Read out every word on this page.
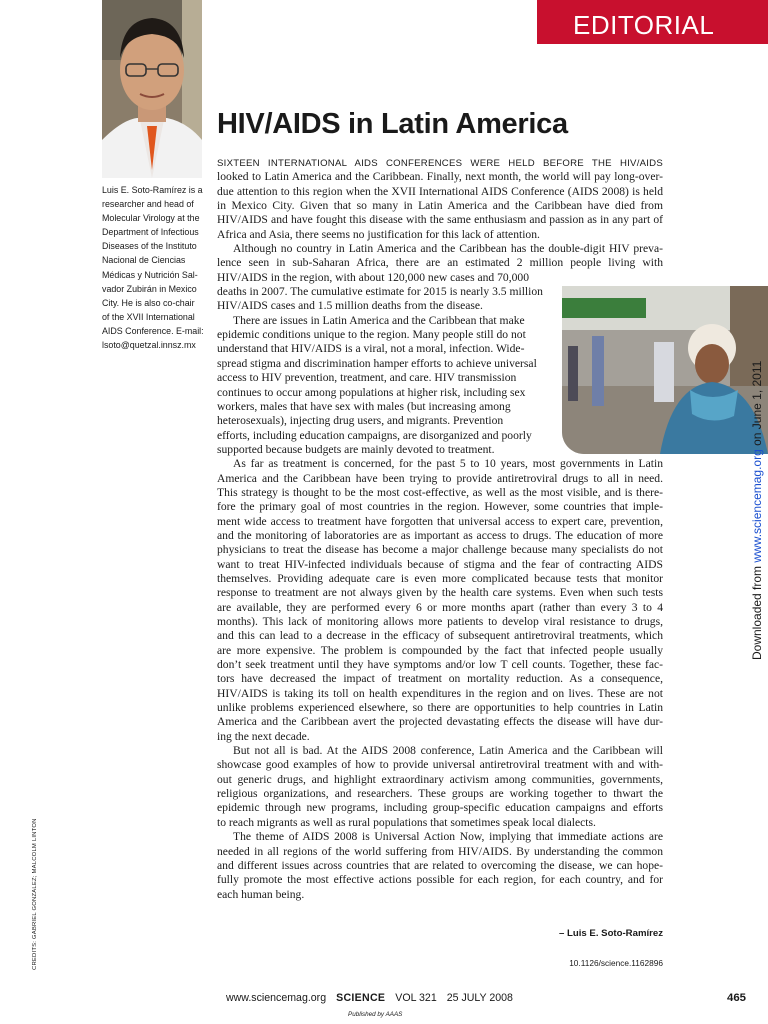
EDITORIAL
Luis E. Soto-Ramírez is a
researcher and head of
Molecular Virology at the
Department of Infectious
Diseases of the Instituto
Nacional de Ciencias
Médicas y Nutrición Sal-
vador Zubirán in Mexico
City. He is also co-chair
of the XVII International
AIDS Conference. E-mail:
lsoto@quetzal.innsz.mx
HIV/AIDS in Latin America
SIXTEEN INTERNATIONAL AIDS CONFERENCES WERE HELD BEFORE THE HIV/AIDS
looked to Latin America and the Caribbean. Finally, next month, the world will pay long-over-
due attention to this region when the XVII International AIDS Conference (AIDS 2008) is held
in Mexico City. Given that so many in Latin America and the Caribbean have died from
HIV/AIDS and have fought this disease with the same enthusiasm and passion as in any part of
Africa and Asia, there seems no justification for this lack of attention.
Although no country in Latin America and the Caribbean has the double-digit HIV preva-
lence seen in sub-Saharan Africa, there are an estimated 2 million people living with
HIV/AIDS in the region, with about 120,000 new cases and 70,000
deaths in 2007. The cumulative estimate for 2015 is nearly 3.5 million
HIV/AIDS cases and 1.5 million deaths from the disease.
There are issues in Latin America and the Caribbean that make
epidemic conditions unique to the region. Many people still do not
understand that HIV/AIDS is a viral, not a moral, infection. Wide-
spread stigma and discrimination hamper efforts to achieve universal
access to HIV prevention, treatment, and care. HIV transmission
continues to occur among populations at higher risk, including sex
workers, males that have sex with males (but increasing among
heterosexuals), injecting drug users, and migrants. Prevention
efforts, including education campaigns, are disorganized and poorly
supported because budgets are mainly devoted to treatment.
As far as treatment is concerned, for the past 5 to 10 years, most governments in Latin
America and the Caribbean have been trying to provide antiretroviral drugs to all in need.
This strategy is thought to be the most cost-effective, as well as the most visible, and is there-
fore the primary goal of most countries in the region. However, some countries that imple-
ment wide access to treatment have forgotten that universal access to expert care, prevention,
and the monitoring of laboratories are as important as access to drugs. The education of more
physicians to treat the disease has become a major challenge because many specialists do not
want to treat HIV-infected individuals because of stigma and the fear of contracting AIDS
themselves. Providing adequate care is even more complicated because tests that monitor
response to treatment are not always given by the health care systems. Even when such tests
are available, they are performed every 6 or more months apart (rather than every 3 to 4
months). This lack of monitoring allows more patients to develop viral resistance to drugs,
and this can lead to a decrease in the efficacy of subsequent antiretroviral treatments, which
are more expensive. The problem is compounded by the fact that infected people usually
don’t seek treatment until they have symptoms and/or low T cell counts. Together, these fac-
tors have decreased the impact of treatment on mortality reduction. As a consequence,
HIV/AIDS is taking its toll on health expenditures in the region and on lives. These are not
unlike problems experienced elsewhere, so there are opportunities to help countries in Latin
America and the Caribbean avert the projected devastating effects the disease will have dur-
ing the next decade.
But not all is bad. At the AIDS 2008 conference, Latin America and the Caribbean will
showcase good examples of how to provide universal antiretroviral treatment with and with-
out generic drugs, and highlight extraordinary activism among communities, governments,
religious organizations, and researchers. These groups are working together to thwart the
epidemic through new programs, including group-specific education campaigns and efforts
to reach migrants as well as rural populations that sometimes speak local dialects.
The theme of AIDS 2008 is Universal Action Now, implying that immediate actions are
needed in all regions of the world suffering from HIV/AIDS. By understanding the common
and different issues across countries that are related to overcoming the disease, we can hope-
fully promote the most effective actions possible for each region, for each country, and for
each human being.
– Luis E. Soto-Ramírez
10.1126/science.1162896
www.sciencemag.org SCIENCE VOL 321 25 JULY 2008
Published by AAAS
465
CREDITS: GABRIEL GONZALEZ; MALCOLM LINTON
Downloaded from www.sciencemag.org on June 1, 2011
